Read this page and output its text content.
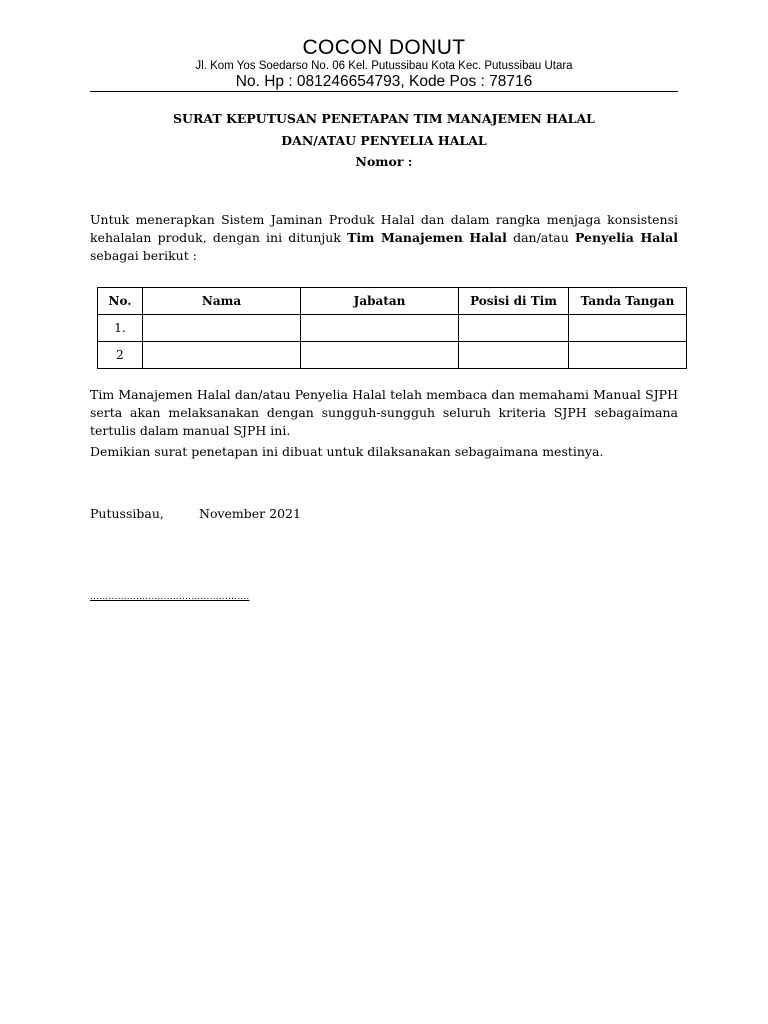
COCON DONUT
Jl. Kom Yos Soedarso No. 06 Kel. Putussibau Kota Kec. Putussibau Utara
No. Hp : 081246654793, Kode Pos : 78716
SURAT KEPUTUSAN PENETAPAN TIM MANAJEMEN HALAL
DAN/ATAU PENYELIA HALAL
Nomor :
Untuk menerapkan Sistem Jaminan Produk Halal dan dalam rangka menjaga konsistensi kehalalan produk, dengan ini ditunjuk Tim Manajemen Halal dan/atau Penyelia Halal sebagai berikut :
No.	Nama	Jabatan	Posisi di Tim	Tanda Tangan
1.				
2				
Tim Manajemen Halal dan/atau Penyelia Halal telah membaca dan memahami Manual SJPH serta akan melaksanakan dengan sungguh-sungguh seluruh kriteria SJPH sebagaimana tertulis dalam manual SJPH ini.
Demikian surat penetapan ini dibuat untuk dilaksanakan sebagaimana mestinya.
Putussibau,	November 2021
…………………………………………….
